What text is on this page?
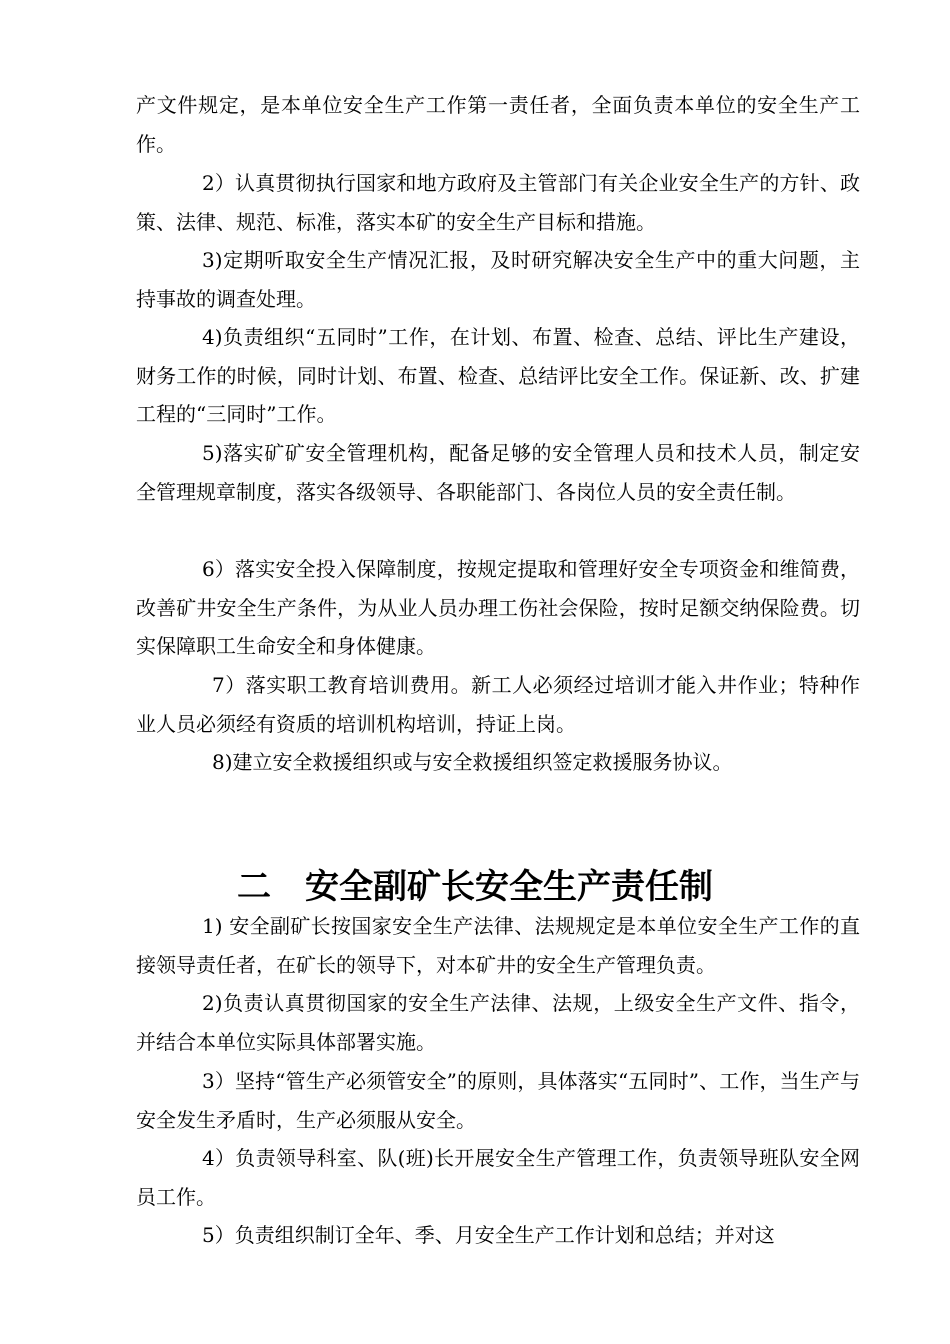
产文件规定，是本单位安全生产工作第一责任者，全面负责本单位的安全生产工作。

2）认真贯彻执行国家和地方政府及主管部门有关企业安全生产的方针、政策、法律、规范、标准，落实本矿的安全生产目标和措施。

3)定期听取安全生产情况汇报，及时研究解决安全生产中的重大问题，主持事故的调查处理。

4)负责组织“五同时”工作，在计划、布置、检查、总结、评比生产建设，财务工作的时候，同时计划、布置、检查、总结评比安全工作。保证新、改、扩建工程的“三同时”工作。

5)落实矿矿安全管理机构，配备足够的安全管理人员和技术人员，制定安全管理规章制度，落实各级领导、各职能部门、各岗位人员的安全责任制。

6）落实安全投入保障制度，按规定提取和管理好安全专项资金和维简费，改善矿井安全生产条件，为从业人员办理工伤社会保险，按时足额交纳保险费。切实保障职工生命安全和身体健康。

7）落实职工教育培训费用。新工人必须经过培训才能入井作业；特种作业人员必须经有资质的培训机构培训，持证上岗。

8)建立安全救援组织或与安全救援组织签定救援服务协议。

二　安全副矿长安全生产责任制

1) 安全副矿长按国家安全生产法律、法规规定是本单位安全生产工作的直接领导责任者，在矿长的领导下，对本矿井的安全生产管理负责。

2)负责认真贯彻国家的安全生产法律、法规，上级安全生产文件、指令，并结合本单位实际具体部署实施。

3）坚持“管生产必须管安全”的原则，具体落实“五同时”、工作，当生产与安全发生矛盾时，生产必须服从安全。

4）负责领导科室、队(班)长开展安全生产管理工作，负责领导班队安全网员工作。

5）负责组织制订全年、季、月安全生产工作计划和总结；并对这
